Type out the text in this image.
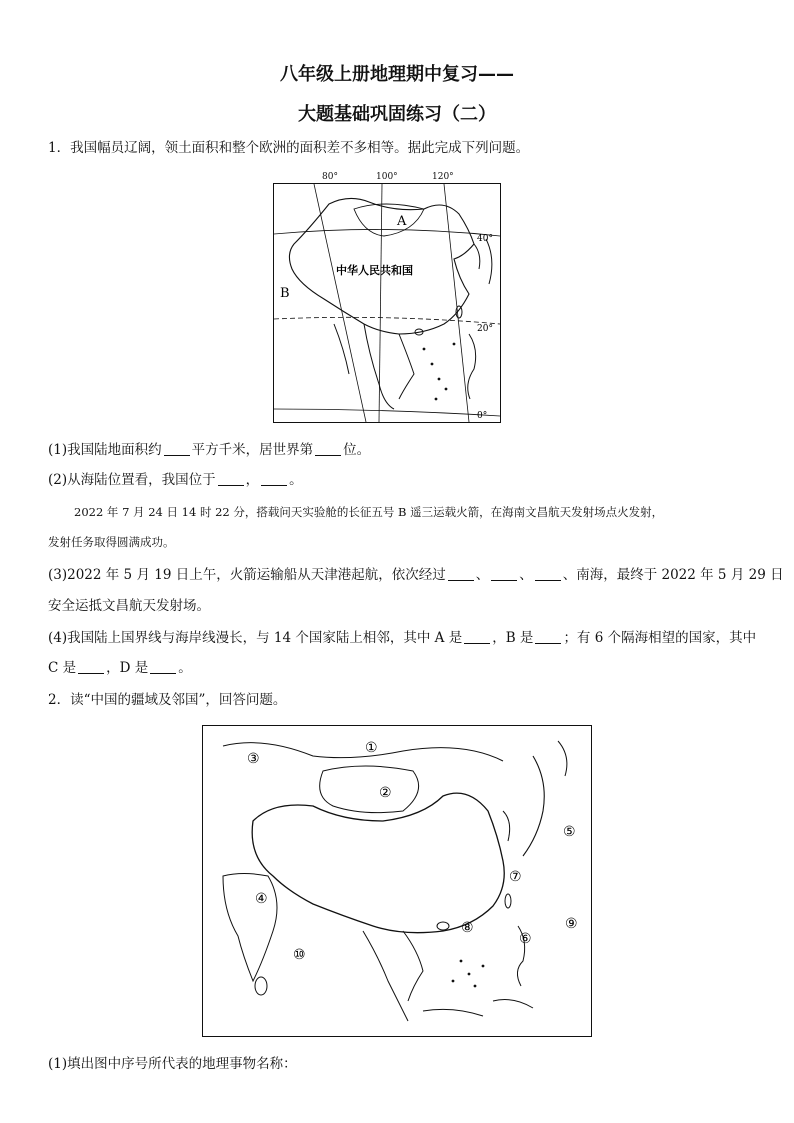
八年级上册地理期中复习——
大题基础巩固练习（二）
1．我国幅员辽阔，领土面积和整个欧洲的面积差不多相等。据此完成下列问题。
A
B
中华人民共和国
40°
20°
0°
80°	100°	120°
(1)我国陆地面积约 平方千米，居世界第 位。
(2)从海陆位置看，我国位于 ， 。
2022 年 7 月 24 日 14 时 22 分，搭载问天实验舱的长征五号 B 遥三运载火箭，在海南文昌航天发射场点火发射，
发射任务取得圆满成功。
(3)2022 年 5 月 19 日上午，火箭运输船从天津港起航，依次经过 、 、 、南海，最终于 2022 年 5 月 29 日
安全运抵文昌航天发射场。
(4)我国陆上国界线与海岸线漫长，与 14 个国家陆上相邻，其中 A 是 ，B 是 ；有 6 个隔海相望的国家，其中
C 是 ，D 是 。
2．读“中国的疆域及邻国”，回答问题。
①
②
③
④
⑤
⑥
⑦
⑧	⑨
⑩
(1)填出图中序号所代表的地理事物名称：
